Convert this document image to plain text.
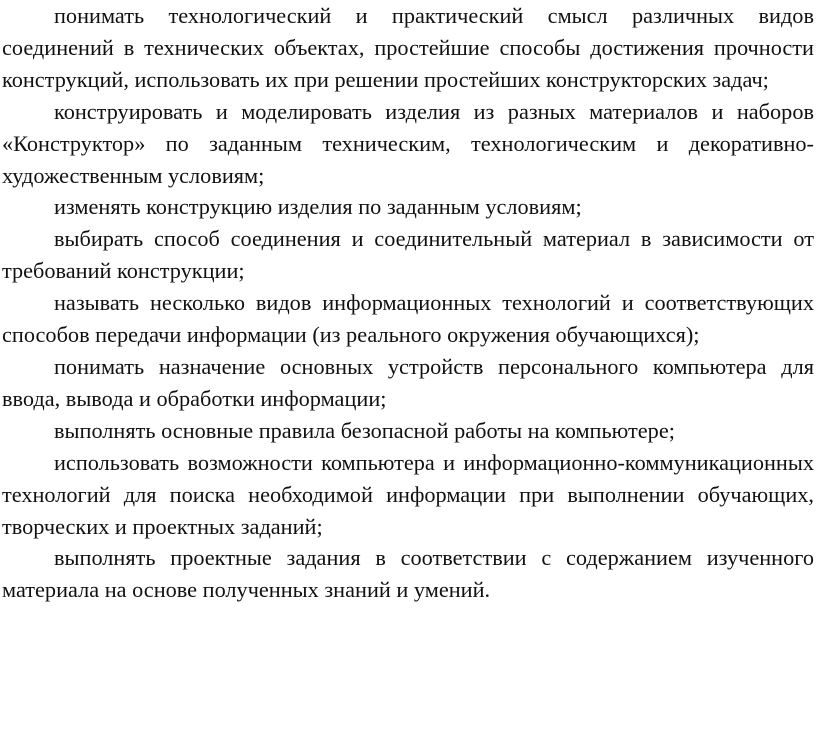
понимать технологический и практический смысл различных видов соединений в технических объектах, простейшие способы достижения прочности конструкций, использовать их при решении простейших конструкторских задач;

конструировать и моделировать изделия из разных материалов и наборов «Конструктор» по заданным техническим, технологическим и декоративно-художественным условиям;

изменять конструкцию изделия по заданным условиям;

выбирать способ соединения и соединительный материал в зависимости от требований конструкции;

называть несколько видов информационных технологий и соответствующих способов передачи информации (из реального окружения обучающихся);

понимать назначение основных устройств персонального компьютера для ввода, вывода и обработки информации;

выполнять основные правила безопасной работы на компьютере;

использовать возможности компьютера и информационно-коммуникационных технологий для поиска необходимой информации при выполнении обучающих, творческих и проектных заданий;

выполнять проектные задания в соответствии с содержанием изученного материала на основе полученных знаний и умений.
